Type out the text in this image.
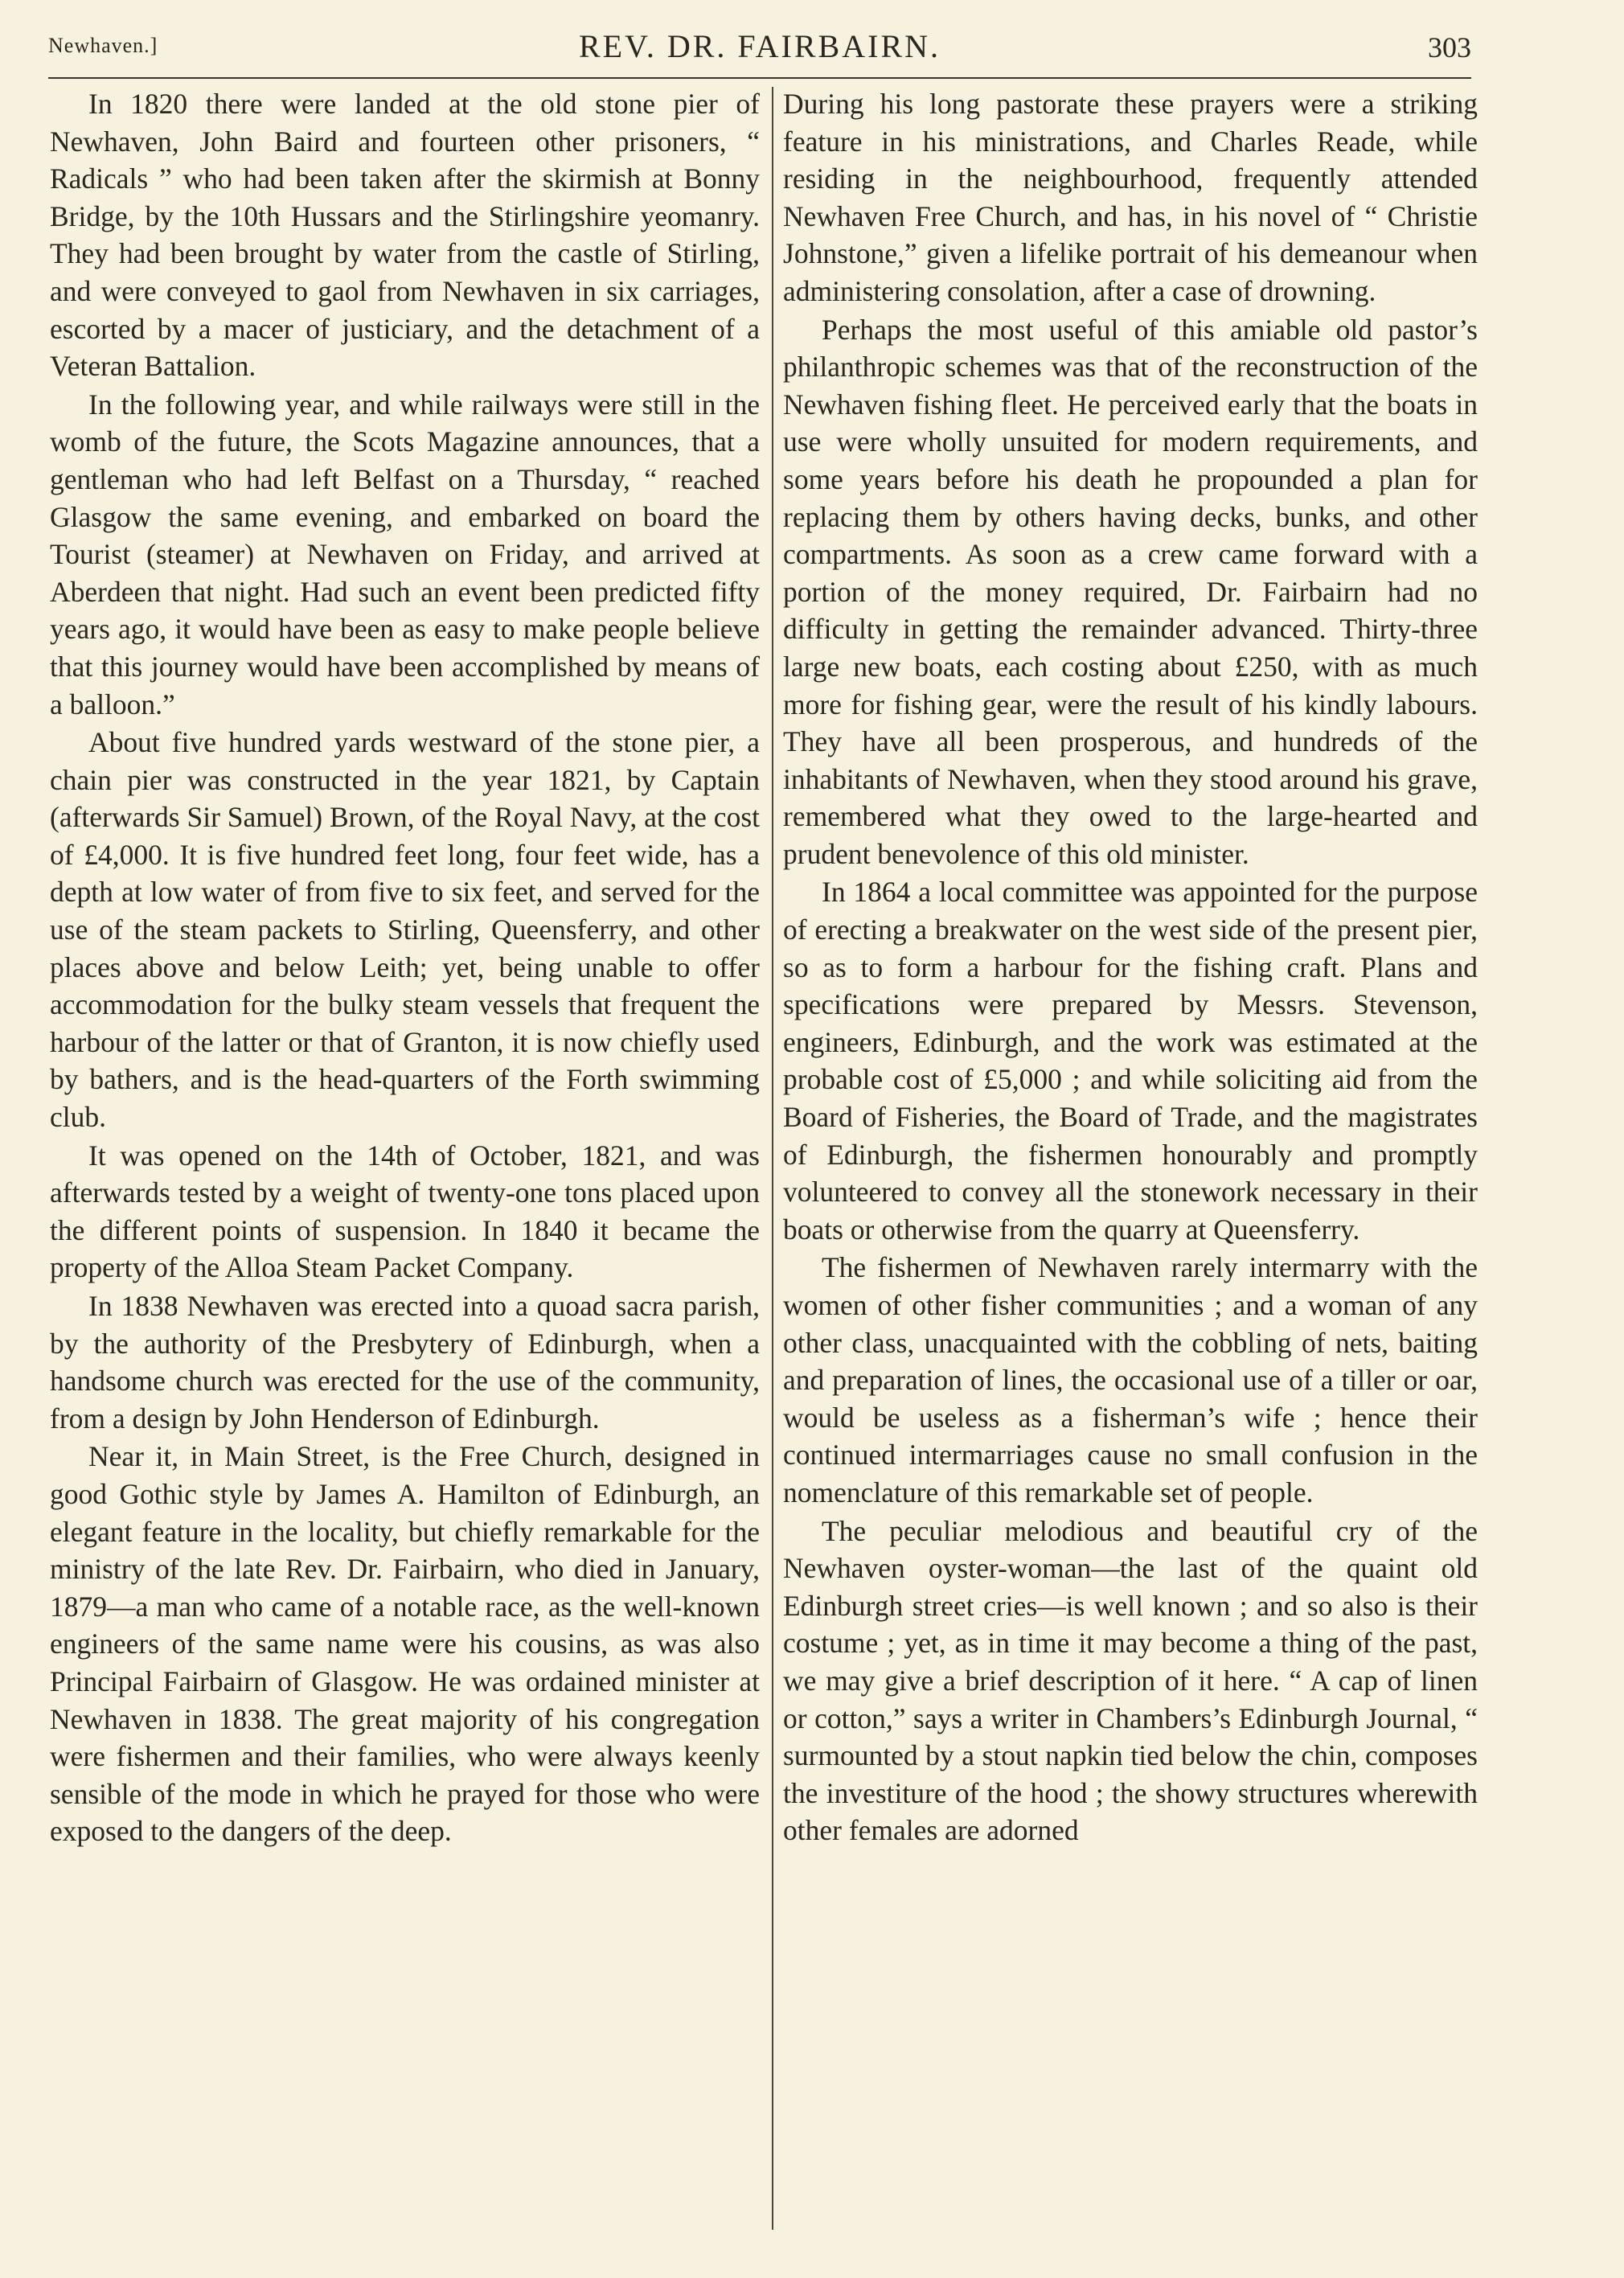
Newhaven.]	REV. DR. FAIRBAIRN.	303

In 1820 there were landed at the old stone pier of Newhaven, John Baird and fourteen other prisoners, “ Radicals ” who had been taken after the skirmish at Bonny Bridge, by the 10th Hussars and the Stirlingshire yeomanry. They had been brought by water from the castle of Stirling, and were conveyed to gaol from Newhaven in six carriages, escorted by a macer of justiciary, and the detachment of a Veteran Battalion.

In the following year, and while railways were still in the womb of the future, the Scots Magazine announces, that a gentleman who had left Belfast on a Thursday, “ reached Glasgow the same evening, and embarked on board the Tourist (steamer) at Newhaven on Friday, and arrived at Aberdeen that night. Had such an event been predicted fifty years ago, it would have been as easy to make people believe that this journey would have been accomplished by means of a balloon.”

About five hundred yards westward of the stone pier, a chain pier was constructed in the year 1821, by Captain (afterwards Sir Samuel) Brown, of the Royal Navy, at the cost of £4,000. It is five hundred feet long, four feet wide, has a depth at low water of from five to six feet, and served for the use of the steam packets to Stirling, Queensferry, and other places above and below Leith; yet, being unable to offer accommodation for the bulky steam vessels that frequent the harbour of the latter or that of Granton, it is now chiefly used by bathers, and is the head-quarters of the Forth swimming club.

It was opened on the 14th of October, 1821, and was afterwards tested by a weight of twenty-one tons placed upon the different points of suspension. In 1840 it became the property of the Alloa Steam Packet Company.

In 1838 Newhaven was erected into a quoad sacra parish, by the authority of the Presbytery of Edinburgh, when a handsome church was erected for the use of the community, from a design by John Henderson of Edinburgh.

Near it, in Main Street, is the Free Church, designed in good Gothic style by James A. Hamilton of Edinburgh, an elegant feature in the locality, but chiefly remarkable for the ministry of the late Rev. Dr. Fairbairn, who died in January, 1879—a man who came of a notable race, as the well-known engineers of the same name were his cousins, as was also Principal Fairbairn of Glasgow. He was ordained minister at Newhaven in 1838. The great majority of his congregation were fishermen and their families, who were always keenly sensible of the mode in which he prayed for those who were exposed to the dangers of the deep.

During his long pastorate these prayers were a striking feature in his ministrations, and Charles Reade, while residing in the neighbourhood, frequently attended Newhaven Free Church, and has, in his novel of “ Christie Johnstone,” given a lifelike portrait of his demeanour when administering consolation, after a case of drowning.

Perhaps the most useful of this amiable old pastor’s philanthropic schemes was that of the reconstruction of the Newhaven fishing fleet. He perceived early that the boats in use were wholly unsuited for modern requirements, and some years before his death he propounded a plan for replacing them by others having decks, bunks, and other compartments. As soon as a crew came forward with a portion of the money required, Dr. Fairbairn had no difficulty in getting the remainder advanced. Thirty-three large new boats, each costing about £250, with as much more for fishing gear, were the result of his kindly labours. They have all been prosperous, and hundreds of the inhabitants of Newhaven, when they stood around his grave, remembered what they owed to the large-hearted and prudent benevolence of this old minister.

In 1864 a local committee was appointed for the purpose of erecting a breakwater on the west side of the present pier, so as to form a harbour for the fishing craft. Plans and specifications were prepared by Messrs. Stevenson, engineers, Edinburgh, and the work was estimated at the probable cost of £5,000 ; and while soliciting aid from the Board of Fisheries, the Board of Trade, and the magistrates of Edinburgh, the fishermen honourably and promptly volunteered to convey all the stonework necessary in their boats or otherwise from the quarry at Queensferry.

The fishermen of Newhaven rarely intermarry with the women of other fisher communities ; and a woman of any other class, unacquainted with the cobbling of nets, baiting and preparation of lines, the occasional use of a tiller or oar, would be useless as a fisherman’s wife ; hence their continued intermarriages cause no small confusion in the nomenclature of this remarkable set of people.

The peculiar melodious and beautiful cry of the Newhaven oyster-woman—the last of the quaint old Edinburgh street cries—is well known ; and so also is their costume ; yet, as in time it may become a thing of the past, we may give a brief description of it here. “ A cap of linen or cotton,” says a writer in Chambers’s Edinburgh Journal, “ surmounted by a stout napkin tied below the chin, composes the investiture of the hood ; the showy structures wherewith other females are adorned
